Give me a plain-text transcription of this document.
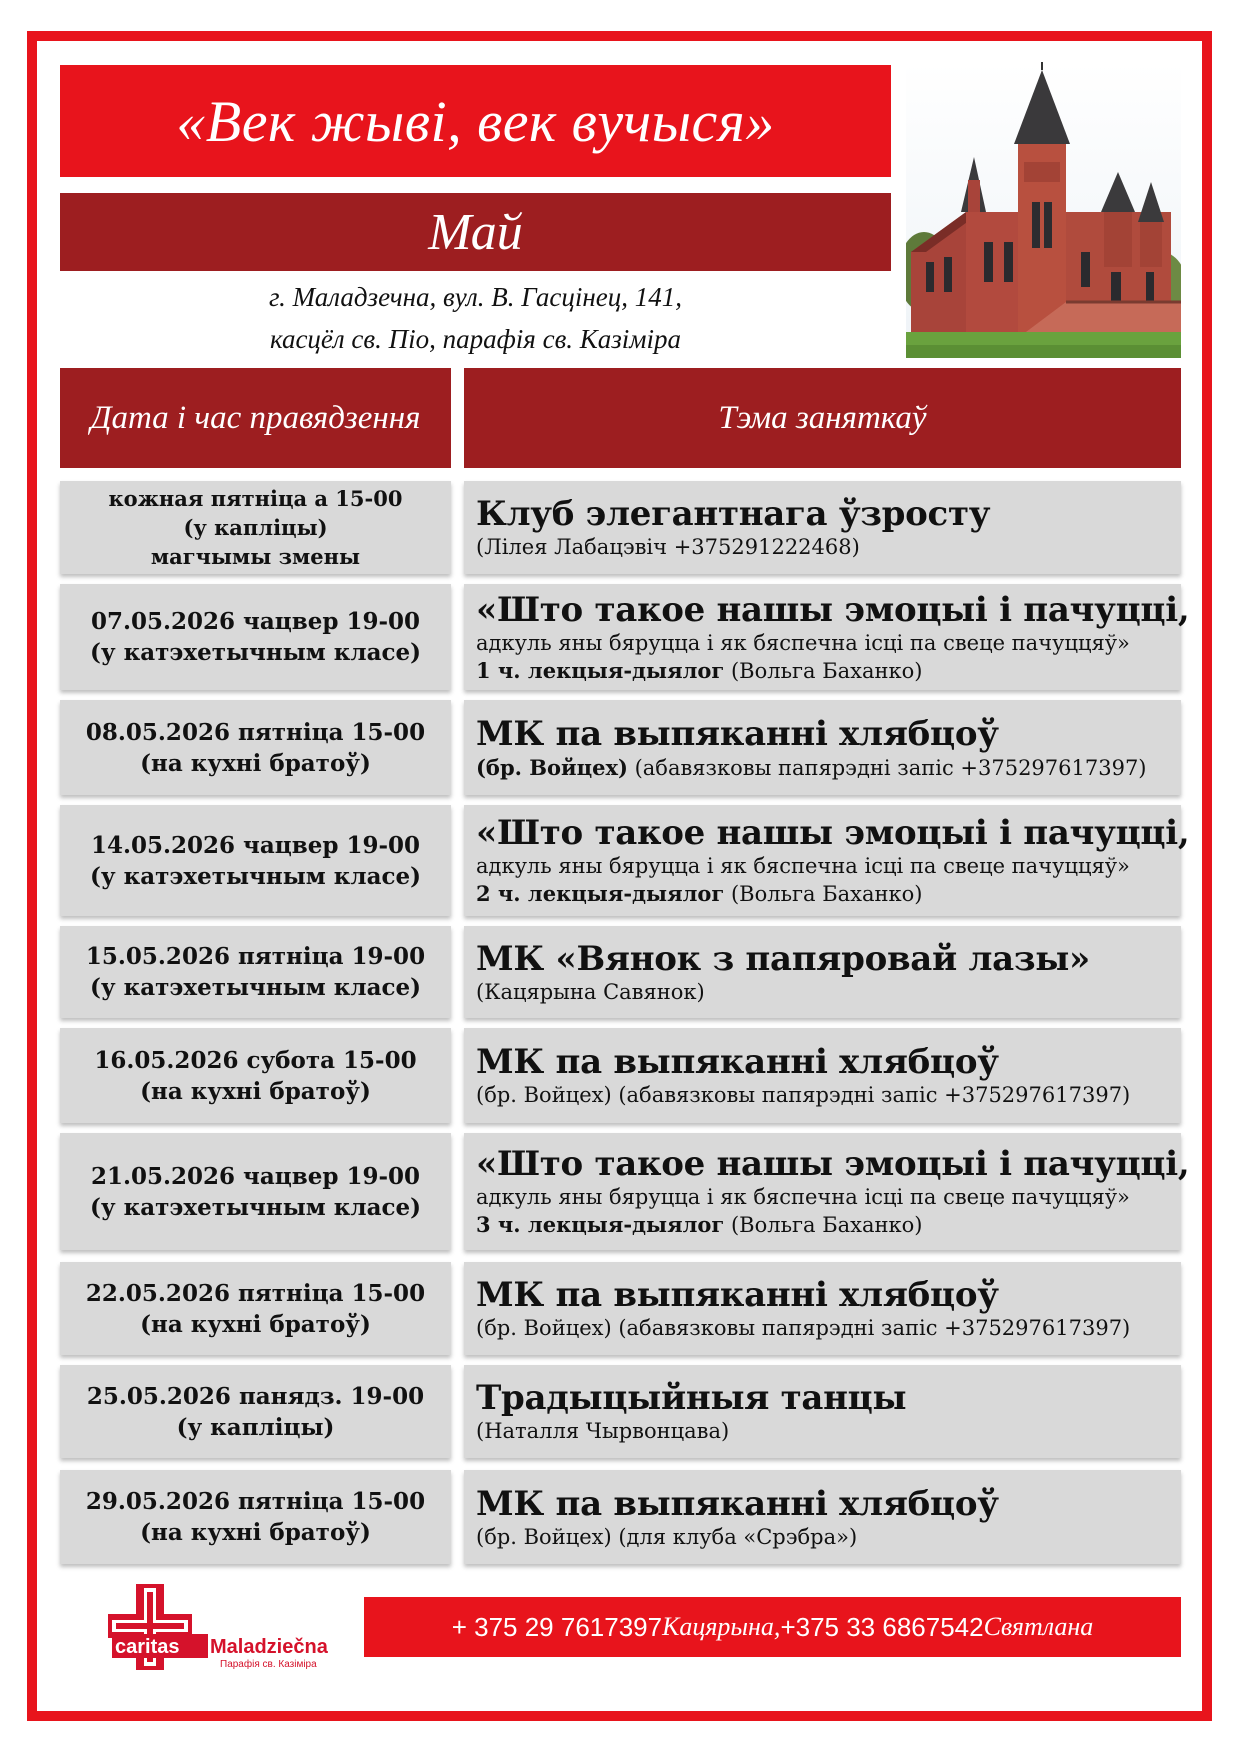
«Век жывi, век вучыся»
Май
г. Маладзечна, вул. В. Гасцінец, 141,
касцёл св. Піо, парафія св. Казіміра
Дата і час правядзення	Тэма заняткаў
кожная пятніца а 15-00
(у капліцы)
магчымы змены
Клуб элегантнага ўзросту
(Лілея Лабацэвіч +375291222468)
07.05.2026 чацвер 19-00
(у катэхетычным класе)
«Што такое нашы эмоцыі і пачуцці,
адкуль яны бяруцца і як бяспечна ісці па свеце пачуццяў»
1 ч. лекцыя-дыялог (Вольга Баханко)
08.05.2026 пятніца 15-00
(на кухні братоў)
МК па выпяканні хлябцоў
(бр. Войцех) (абавязковы папярэдні запіс +375297617397)
14.05.2026 чацвер 19-00
(у катэхетычным класе)
«Што такое нашы эмоцыі і пачуцці,
адкуль яны бяруцца і як бяспечна ісці па свеце пачуццяў»
2 ч. лекцыя-дыялог (Вольга Баханко)
15.05.2026 пятніца 19-00
(у катэхетычным класе)
МК «Вянок з папяровай лазы»
(Кацярына Савянок)
16.05.2026 субота 15-00
(на кухні братоў)
МК па выпяканні хлябцоў
(бр. Войцех) (абавязковы папярэдні запіс +375297617397)
21.05.2026 чацвер 19-00
(у катэхетычным класе)
«Што такое нашы эмоцыі і пачуцці,
адкуль яны бяруцца і як бяспечна ісці па свеце пачуццяў»
3 ч. лекцыя-дыялог (Вольга Баханко)
22.05.2026 пятніца 15-00
(на кухні братоў)
МК па выпяканні хлябцоў
(бр. Войцех) (абавязковы папярэдні запіс +375297617397)
25.05.2026 панядз. 19-00
(у капліцы)
Традыцыйныя танцы
(Наталля Чырвонцава)
29.05.2026 пятніца 15-00
(на кухні братоў)
МК па выпяканні хлябцоў
(бр. Войцех) (для клуба «Срэбра»)
caritas Maladziečna
Парафія св. Казіміра
+ 375 29 7617397 Кацярына, +375 33 6867542 Святлана
